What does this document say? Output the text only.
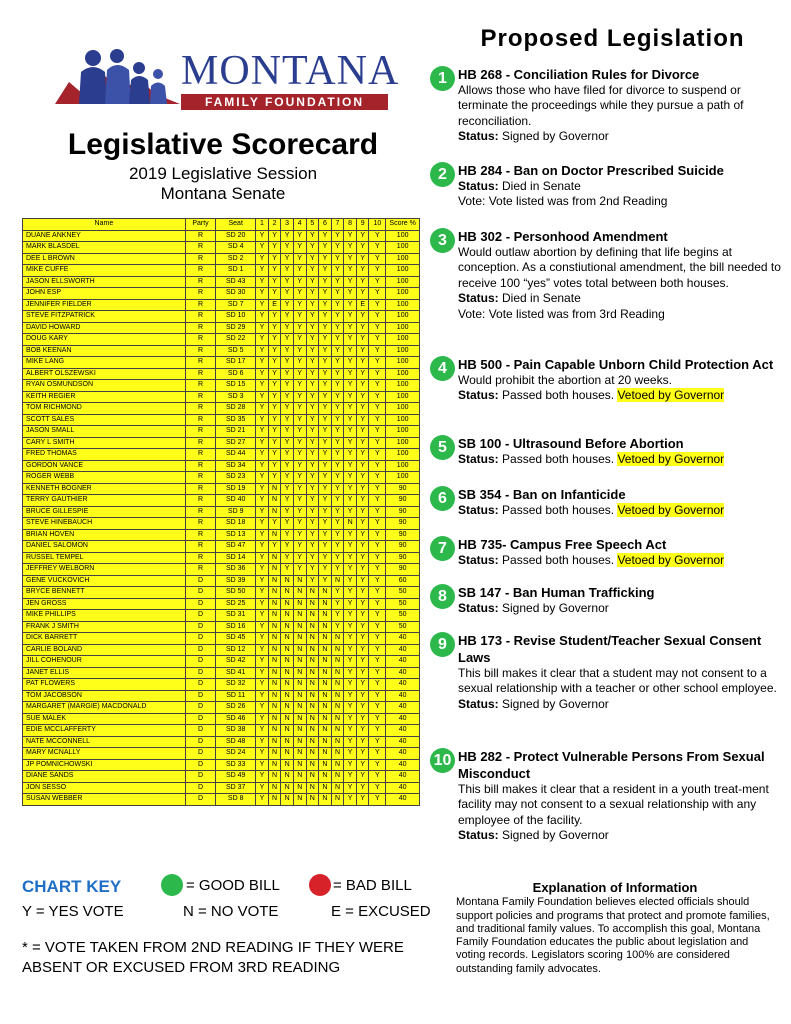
MONTANA
FAMILY FOUNDATION
Legislative Scorecard
2019 Legislative Session
Montana Senate
Name	Party	Seat	1	2	3	4	5	6	7	8	9	10	Score %
DUANE ANKNEY	R	SD 20	Y	Y	Y	Y	Y	Y	Y	Y	Y	Y	100
MARK BLASDEL	R	SD 4	Y	Y	Y	Y	Y	Y	Y	Y	Y	Y	100
DEE L BROWN	R	SD 2	Y	Y	Y	Y	Y	Y	Y	Y	Y	Y	100
MIKE CUFFE	R	SD 1	Y	Y	Y	Y	Y	Y	Y	Y	Y	Y	100
JASON ELLSWORTH	R	SD 43	Y	Y	Y	Y	Y	Y	Y	Y	Y	Y	100
JOHN ESP	R	SD 30	Y	Y	Y	Y	Y	Y	Y	Y	Y	Y	100
JENNIFER FIELDER	R	SD 7	Y	E	Y	Y	Y	Y	Y	Y	E	Y	100
STEVE FITZPATRICK	R	SD 10	Y	Y	Y	Y	Y	Y	Y	Y	Y	Y	100
DAVID HOWARD	R	SD 29	Y	Y	Y	Y	Y	Y	Y	Y	Y	Y	100
DOUG KARY	R	SD 22	Y	Y	Y	Y	Y	Y	Y	Y	Y	Y	100
BOB KEENAN	R	SD 5	Y	Y	Y	Y	Y	Y	Y	Y	Y	Y	100
MIKE LANG	R	SD 17	Y	Y	Y	Y	Y	Y	Y	Y	Y	Y	100
ALBERT OLSZEWSKI	R	SD 6	Y	Y	Y	Y	Y	Y	Y	Y	Y	Y	100
RYAN OSMUNDSON	R	SD 15	Y	Y	Y	Y	Y	Y	Y	Y	Y	Y	100
KEITH REGIER	R	SD 3	Y	Y	Y	Y	Y	Y	Y	Y	Y	Y	100
TOM RICHMOND	R	SD 28	Y	Y	Y	Y	Y	Y	Y	Y	Y	Y	100
SCOTT SALES	R	SD 35	Y	Y	Y	Y	Y	Y	Y	Y	Y	Y	100
JASON SMALL	R	SD 21	Y	Y	Y	Y	Y	Y	Y	Y	Y	Y	100
CARY L SMITH	R	SD 27	Y	Y	Y	Y	Y	Y	Y	Y	Y	Y	100
FRED THOMAS	R	SD 44	Y	Y	Y	Y	Y	Y	Y	Y	Y	Y	100
GORDON VANCE	R	SD 34	Y	Y	Y	Y	Y	Y	Y	Y	Y	Y	100
ROGER WEBB	R	SD 23	Y	Y	Y	Y	Y	Y	Y	Y	Y	Y	100
KENNETH BOGNER	R	SD 19	Y	N	Y	Y	Y	Y	Y	Y	Y	Y	90
TERRY GAUTHIER	R	SD 40	Y	N	Y	Y	Y	Y	Y	Y	Y	Y	90
BRUCE GILLESPIE	R	SD 9	Y	N	Y	Y	Y	Y	Y	Y	Y	Y	90
STEVE HINEBAUCH	R	SD 18	Y	Y	Y	Y	Y	Y	Y	N	Y	Y	90
BRIAN HOVEN	R	SD 13	Y	N	Y	Y	Y	Y	Y	Y	Y	Y	90
DANIEL SALOMON	R	SD 47	Y	Y	Y	Y	Y	Y	Y	Y	Y	Y	90
RUSSEL TEMPEL	R	SD 14	Y	N	Y	Y	Y	Y	Y	Y	Y	Y	90
JEFFREY WELBORN	R	SD 36	Y	N	Y	Y	Y	Y	Y	Y	Y	Y	90
GENE VUCKOVICH	D	SD 39	Y	N	N	N	Y	Y	N	Y	Y	Y	60
BRYCE BENNETT	D	SD 50	Y	N	N	N	N	N	Y	Y	Y	Y	50
JEN GROSS	D	SD 25	Y	N	N	N	N	N	Y	Y	Y	Y	50
MIKE PHILLIPS	D	SD 31	Y	N	N	N	N	N	Y	Y	Y	Y	50
FRANK J SMITH	D	SD 16	Y	N	N	N	N	N	Y	Y	Y	Y	50
DICK BARRETT	D	SD 45	Y	N	N	N	N	N	N	Y	Y	Y	40
CARLIE BOLAND	D	SD 12	Y	N	N	N	N	N	N	Y	Y	Y	40
JILL COHENOUR	D	SD 42	Y	N	N	N	N	N	N	Y	Y	Y	40
JANET ELLIS	D	SD 41	Y	N	N	N	N	N	N	Y	Y	Y	40
PAT FLOWERS	D	SD 32	Y	N	N	N	N	N	N	Y	Y	Y	40
TOM JACOBSON	D	SD 11	Y	N	N	N	N	N	N	Y	Y	Y	40
MARGARET (MARGIE) MACDONALD	D	SD 26	Y	N	N	N	N	N	N	Y	Y	Y	40
SUE MALEK	D	SD 46	Y	N	N	N	N	N	N	Y	Y	Y	40
EDIE MCCLAFFERTY	D	SD 38	Y	N	N	N	N	N	N	Y	Y	Y	40
NATE MCCONNELL	D	SD 48	Y	N	N	N	N	N	N	Y	Y	Y	40
MARY MCNALLY	D	SD 24	Y	N	N	N	N	N	N	Y	Y	Y	40
JP POMNICHOWSKI	D	SD 33	Y	N	N	N	N	N	N	Y	Y	Y	40
DIANE SANDS	D	SD 49	Y	N	N	N	N	N	N	Y	Y	Y	40
JON SESSO	D	SD 37	Y	N	N	N	N	N	N	Y	Y	Y	40
SUSAN WEBBER	D	SD 8	Y	N	N	N	N	N	N	Y	Y	Y	40
Proposed Legislation
1 HB 268 - Conciliation Rules for Divorce
Allows those who have filed for divorce to suspend or terminate the proceedings while they pursue a path of reconciliation.
Status: Signed by Governor
2 HB 284 - Ban on Doctor Prescribed Suicide
Status: Died in Senate
Vote: Vote listed was from 2nd Reading
3 HB 302 - Personhood Amendment
Would outlaw abortion by defining that life begins at conception. As a constiutional amendment, the bill needed to receive 100 “yes” votes total between both houses.
Status: Died in Senate
Vote: Vote listed was from 3rd Reading
4 HB 500 - Pain Capable Unborn Child Protection Act
Would prohibit the abortion at 20 weeks.
Status: Passed both houses. Vetoed by Governor
5 SB 100 - Ultrasound Before Abortion
Status: Passed both houses. Vetoed by Governor
6 SB 354 - Ban on Infanticide
Status: Passed both houses. Vetoed by Governor
7 HB 735- Campus Free Speech Act
Status: Passed both houses. Vetoed by Governor
8 SB 147 - Ban Human Trafficking
Status: Signed by Governor
9 HB 173 - Revise Student/Teacher Sexual Consent Laws
This bill makes it clear that a student may not consent to a sexual relationship with a teacher or other school employee.
Status: Signed by Governor
10 HB 282 - Protect Vulnerable Persons From Sexual Misconduct
This bill makes it clear that a resident in a youth treat-ment facility may not consent to a sexual relationship with any employee of the facility.
Status: Signed by Governor
CHART KEY	= GOOD BILL	= BAD BILL
Y = YES VOTE	N = NO VOTE	E = EXCUSED
* = VOTE TAKEN FROM 2ND READING IF THEY WERE ABSENT OR EXCUSED FROM 3RD READING
Explanation of Information
Montana Family Foundation believes elected officials should support policies and programs that protect and promote families, and traditional family values. To accomplish this goal, Montana Family Foundation educates the public about legislation and voting records. Legislators scoring 100% are considered outstanding family advocates.
